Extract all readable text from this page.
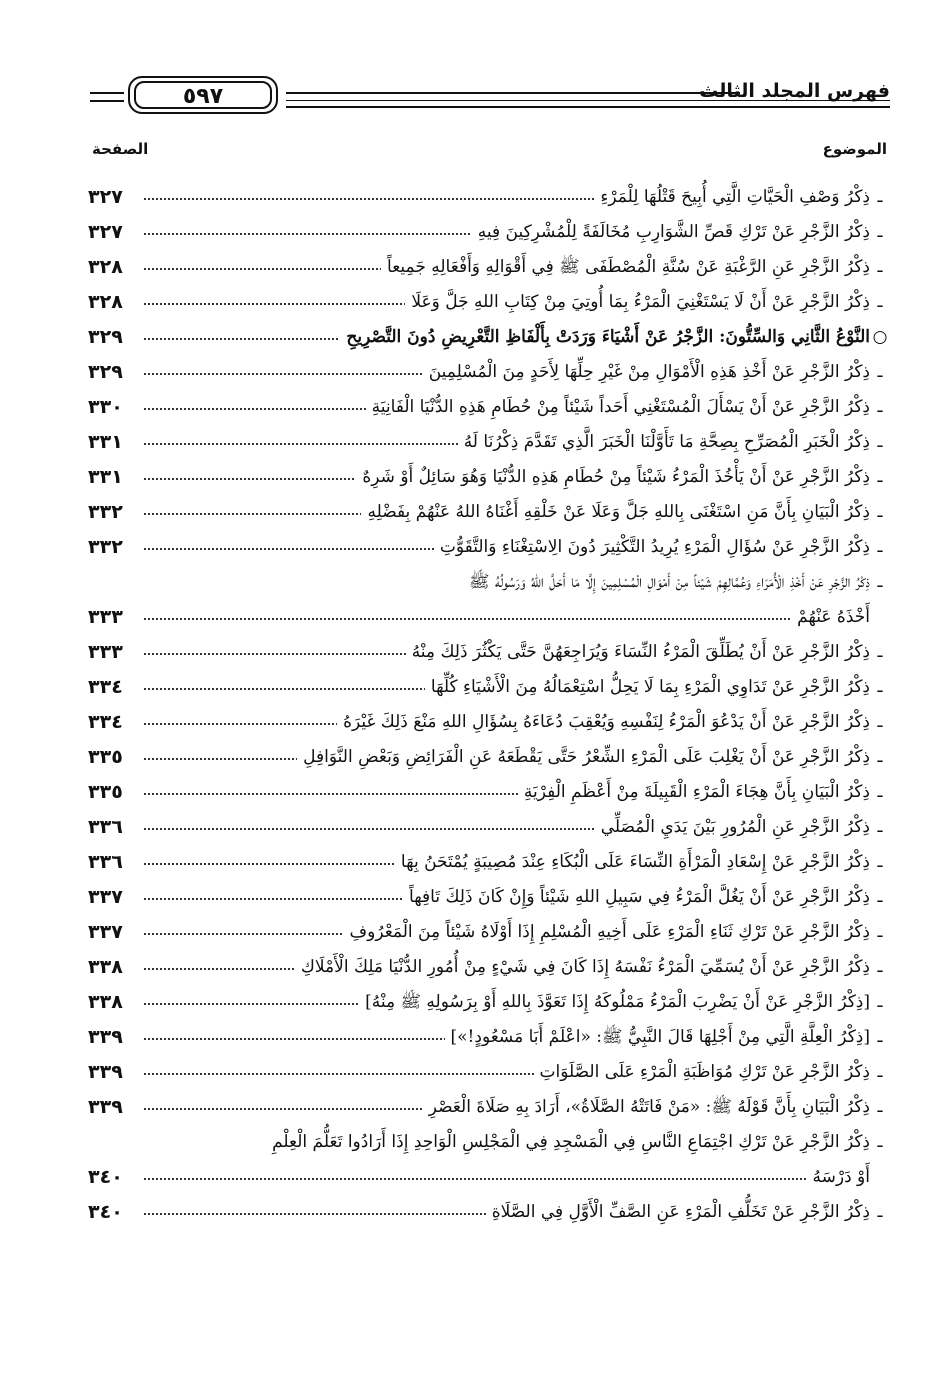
فهرس المجلد الثالث
٥٩٧
الموضوع
الصفحة
ـ
ذِكْرُ وَصْفِ الْحَيَّاتِ الَّتِي أُبِيحَ قَتْلُهَا لِلْمَرْءِ
٣٢٧
ـ
ذِكْرُ الزَّجْرِ عَنْ تَرْكِ قَصِّ الشَّوَارِبِ مُخَالَفَةً لِلْمُشْرِكِينَ فِيهِ
٣٢٧
ـ
ذِكْرُ الزَّجْرِ عَنِ الرَّغْبَةِ عَنْ سُنَّةِ الْمُصْطَفَى ﷺ فِي أَقْوَالِهِ وَأَفْعَالِهِ جَمِيعاً
٣٢٨
ـ
ذِكْرُ الزَّجْرِ عَنْ أَنْ لَا يَسْتَغْنِيَ الْمَرْءُ بِمَا أُوتِيَ مِنْ كِتَابِ اللهِ جَلَّ وَعَلَا
٣٢٨
○
النَّوْعُ الثَّانِي وَالسِّتُّونَ: الزَّجْرُ عَنْ أَشْيَاءَ وَرَدَتْ بِأَلْفَاظِ التَّعْرِيضِ دُونَ التَّصْرِيحِ
٣٢٩
ـ
ذِكْرُ الزَّجْرِ عَنْ أَخْذِ هَذِهِ الْأَمْوَالِ مِنْ غَيْرِ حِلِّهَا لِأَحَدٍ مِنَ الْمُسْلِمِينَ
٣٢٩
ـ
ذِكْرُ الزَّجْرِ عَنْ أَنْ يَسْأَلَ الْمُسْتَغْنِي أَحَداً شَيْئاً مِنْ حُطَامِ هَذِهِ الدُّنْيَا الْفَانِيَةِ
٣٣٠
ـ
ذِكْرُ الْخَبَرِ الْمُصَرِّحِ بِصِحَّةِ مَا تَأَوَّلْنَا الْخَبَرَ الَّذِي تَقَدَّمَ ذِكْرُنَا لَهُ
٣٣١
ـ
ذِكْرُ الزَّجْرِ عَنْ أَنْ يَأْخُذَ الْمَرْءُ شَيْئاً مِنْ حُطَامِ هَذِهِ الدُّنْيَا وَهُوَ سَائِلٌ أَوْ شَرِهٌ
٣٣١
ـ
ذِكْرُ الْبَيَانِ بِأَنَّ مَنِ اسْتَغْنَى بِاللهِ جَلَّ وَعَلَا عَنْ خَلْقِهِ أَغْنَاهُ اللهُ عَنْهُمْ بِفَضْلِهِ
٣٣٢
ـ
ذِكْرُ الزَّجْرِ عَنْ سُؤَالِ الْمَرْءِ يُرِيدُ التَّكْثِيرَ دُونَ الِاسْتِغْنَاءِ وَالتَّقَوُّتِ
٣٣٢
ـ
ذِكْرُ الزَّجْرِ عَنْ أَخْذِ الْأُمَرَاءِ وَعُمَّالِهِمْ شَيْئاً مِنْ أَمْوَالِ الْمُسْلِمِينَ إِلَّا مَا أَحَلَّ اللهُ وَرَسُولُهُ ﷺ
أَخْذَهُ عَنْهُمْ
٣٣٣
ـ
ذِكْرُ الزَّجْرِ عَنْ أَنْ يُطَلِّقَ الْمَرْءُ النِّسَاءَ وَيُرَاجِعَهُنَّ حَتَّى يَكْثُرَ ذَلِكَ مِنْهُ
٣٣٣
ـ
ذِكْرُ الزَّجْرِ عَنْ تَدَاوِي الْمَرْءِ بِمَا لَا يَحِلُّ اسْتِعْمَالُهُ مِنَ الْأَشْيَاءِ كُلِّهَا
٣٣٤
ـ
ذِكْرُ الزَّجْرِ عَنْ أَنْ يَدْعُوَ الْمَرْءُ لِنَفْسِهِ وَيُعْقِبَ دُعَاءَهُ بِسُؤَالِ اللهِ مَنْعَ ذَلِكَ غَيْرَهُ
٣٣٤
ـ
ذِكْرُ الزَّجْرِ عَنْ أَنْ يَغْلِبَ عَلَى الْمَرْءِ الشِّعْرُ حَتَّى يَقْطَعَهُ عَنِ الْفَرَائِضِ وَبَعْضِ النَّوَافِلِ
٣٣٥
ـ
ذِكْرُ الْبَيَانِ بِأَنَّ هِجَاءَ الْمَرْءِ الْقَبِيلَةَ مِنْ أَعْظَمِ الْفِرْيَةِ
٣٣٥
ـ
ذِكْرُ الزَّجْرِ عَنِ الْمُرُورِ بَيْنَ يَدَيِ الْمُصَلِّي
٣٣٦
ـ
ذِكْرُ الزَّجْرِ عَنْ إِسْعَادِ الْمَرْأَةِ النِّسَاءَ عَلَى الْبُكَاءِ عِنْدَ مُصِيبَةٍ يُمْتَحَنُ بِهَا
٣٣٦
ـ
ذِكْرُ الزَّجْرِ عَنْ أَنْ يَغُلَّ الْمَرْءُ فِي سَبِيلِ اللهِ شَيْئاً وَإِنْ كَانَ ذَلِكَ تَافِهاً
٣٣٧
ـ
ذِكْرُ الزَّجْرِ عَنْ تَرْكِ ثَنَاءِ الْمَرْءِ عَلَى أَخِيهِ الْمُسْلِمِ إِذَا أَوْلَاهُ شَيْئاً مِنَ الْمَعْرُوفِ
٣٣٧
ـ
ذِكْرُ الزَّجْرِ عَنْ أَنْ يُسَمِّيَ الْمَرْءُ نَفْسَهُ إِذَا كَانَ فِي شَيْءٍ مِنْ أُمُورِ الدُّنْيَا مَلِكَ الْأَمْلَاكِ
٣٣٨
ـ
[ذِكْرُ الزَّجْرِ عَنْ أَنْ يَضْرِبَ الْمَرْءُ مَمْلُوكَهُ إِذَا تَعَوَّذَ بِاللهِ أَوْ بِرَسُولِهِ ﷺ مِنْهُ]
٣٣٨
ـ
[ذِكْرُ الْعِلَّةِ الَّتِي مِنْ أَجْلِهَا قَالَ النَّبِيُّ ﷺ: «اعْلَمْ أَبَا مَسْعُودٍ!»]
٣٣٩
ـ
ذِكْرُ الزَّجْرِ عَنْ تَرْكِ مُوَاظَبَةِ الْمَرْءِ عَلَى الصَّلَوَاتِ
٣٣٩
ـ
ذِكْرُ الْبَيَانِ بِأَنَّ قَوْلَهُ ﷺ: «مَنْ فَاتَتْهُ الصَّلَاةُ»، أَرَادَ بِهِ صَلَاةَ الْعَصْرِ
٣٣٩
ـ
ذِكْرُ الزَّجْرِ عَنْ تَرْكِ اجْتِمَاعِ النَّاسِ فِي الْمَسْجِدِ فِي الْمَجْلِسِ الْوَاحِدِ إِذَا أَرَادُوا تَعَلُّمَ الْعِلْمِ
أَوْ دَرْسَهُ
٣٤٠
ـ
ذِكْرُ الزَّجْرِ عَنْ تَخَلُّفِ الْمَرْءِ عَنِ الصَّفِّ الْأَوَّلِ فِي الصَّلَاةِ
٣٤٠
